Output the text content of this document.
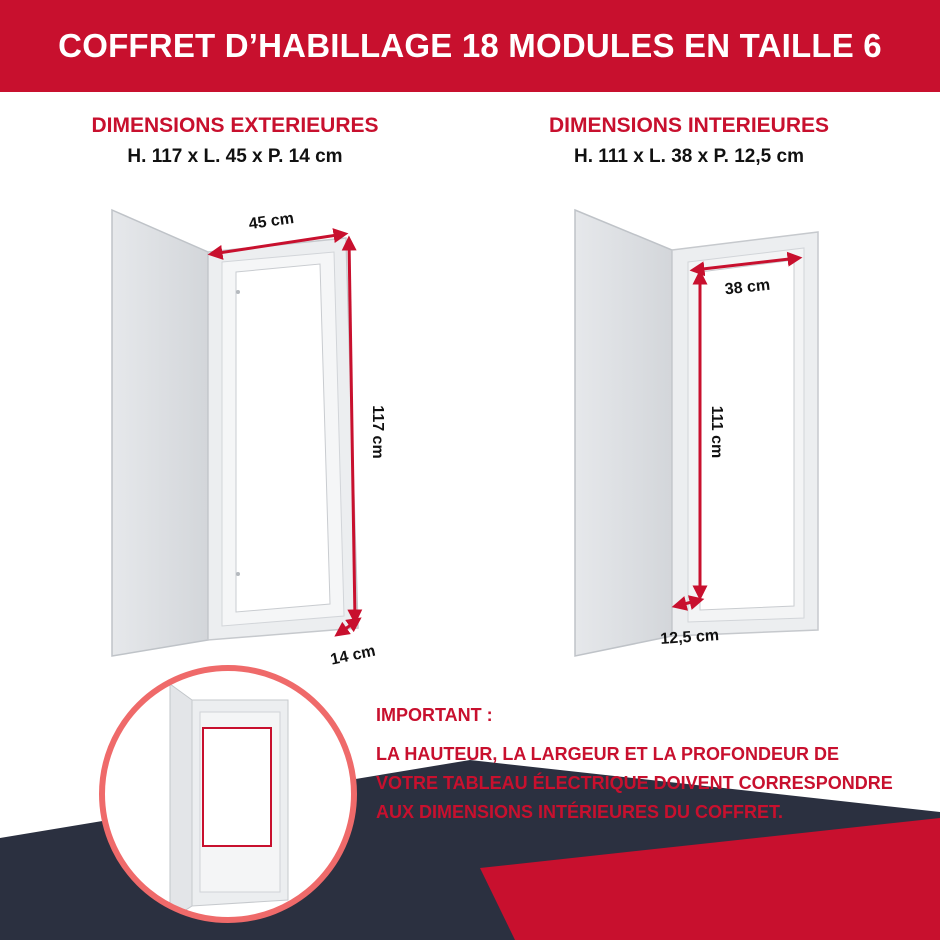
COFFRET D’HABILLAGE 18 MODULES EN TAILLE 6
DIMENSIONS EXTERIEURES
H. 117 x L. 45 x P. 14 cm
DIMENSIONS INTERIEURES
H. 111 x L. 38 x P. 12,5 cm
45 cm
117 cm
14 cm
38 cm
111 cm
12,5 cm
IMPORTANT :
LA HAUTEUR, LA LARGEUR ET LA PROFONDEUR DE
VOTRE TABLEAU ÉLECTRIQUE DOIVENT CORRESPONDRE
AUX DIMENSIONS INTÉRIEURES DU COFFRET.
